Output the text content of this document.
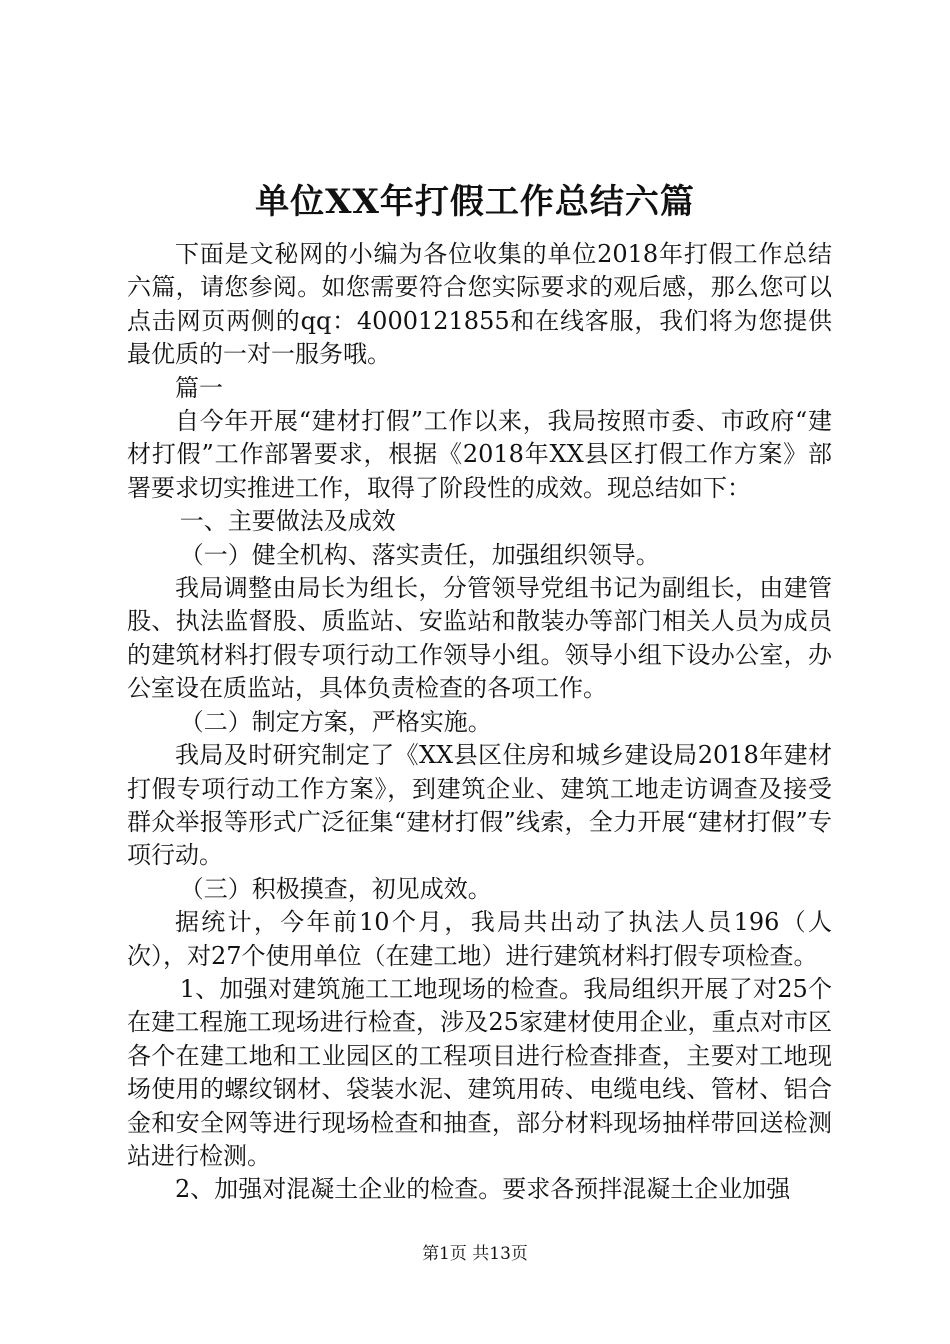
单位XX年打假工作总结六篇

下面是文秘网的小编为各位收集的单位2018年打假工作总结六篇，请您参阅。如您需要符合您实际要求的观后感，那么您可以点击网页两侧的qq：4000121855和在线客服，我们将为您提供最优质的一对一服务哦。

篇一

自今年开展“建材打假”工作以来，我局按照市委、市政府“建材打假”工作部署要求，根据《2018年XX县区打假工作方案》部署要求切实推进工作，取得了阶段性的成效。现总结如下：

一、主要做法及成效

（一）健全机构、落实责任，加强组织领导。

我局调整由局长为组长，分管领导党组书记为副组长，由建管股、执法监督股、质监站、安监站和散装办等部门相关人员为成员的建筑材料打假专项行动工作领导小组。领导小组下设办公室，办公室设在质监站，具体负责检查的各项工作。

（二）制定方案，严格实施。

我局及时研究制定了《XX县区住房和城乡建设局2018年建材打假专项行动工作方案》，到建筑企业、建筑工地走访调查及接受群众举报等形式广泛征集“建材打假”线索，全力开展“建材打假”专项行动。

（三）积极摸查，初见成效。

据统计，今年前10个月，我局共出动了执法人员196（人次），对27个使用单位（在建工地）进行建筑材料打假专项检查。

1、加强对建筑施工工地现场的检查。我局组织开展了对25个在建工程施工现场进行检查，涉及25家建材使用企业，重点对市区各个在建工地和工业园区的工程项目进行检查排查，主要对工地现场使用的螺纹钢材、袋装水泥、建筑用砖、电缆电线、管材、铝合金和安全网等进行现场检查和抽查，部分材料现场抽样带回送检测站进行检测。

2、加强对混凝土企业的检查。要求各预拌混凝土企业加强

第1页 共13页
